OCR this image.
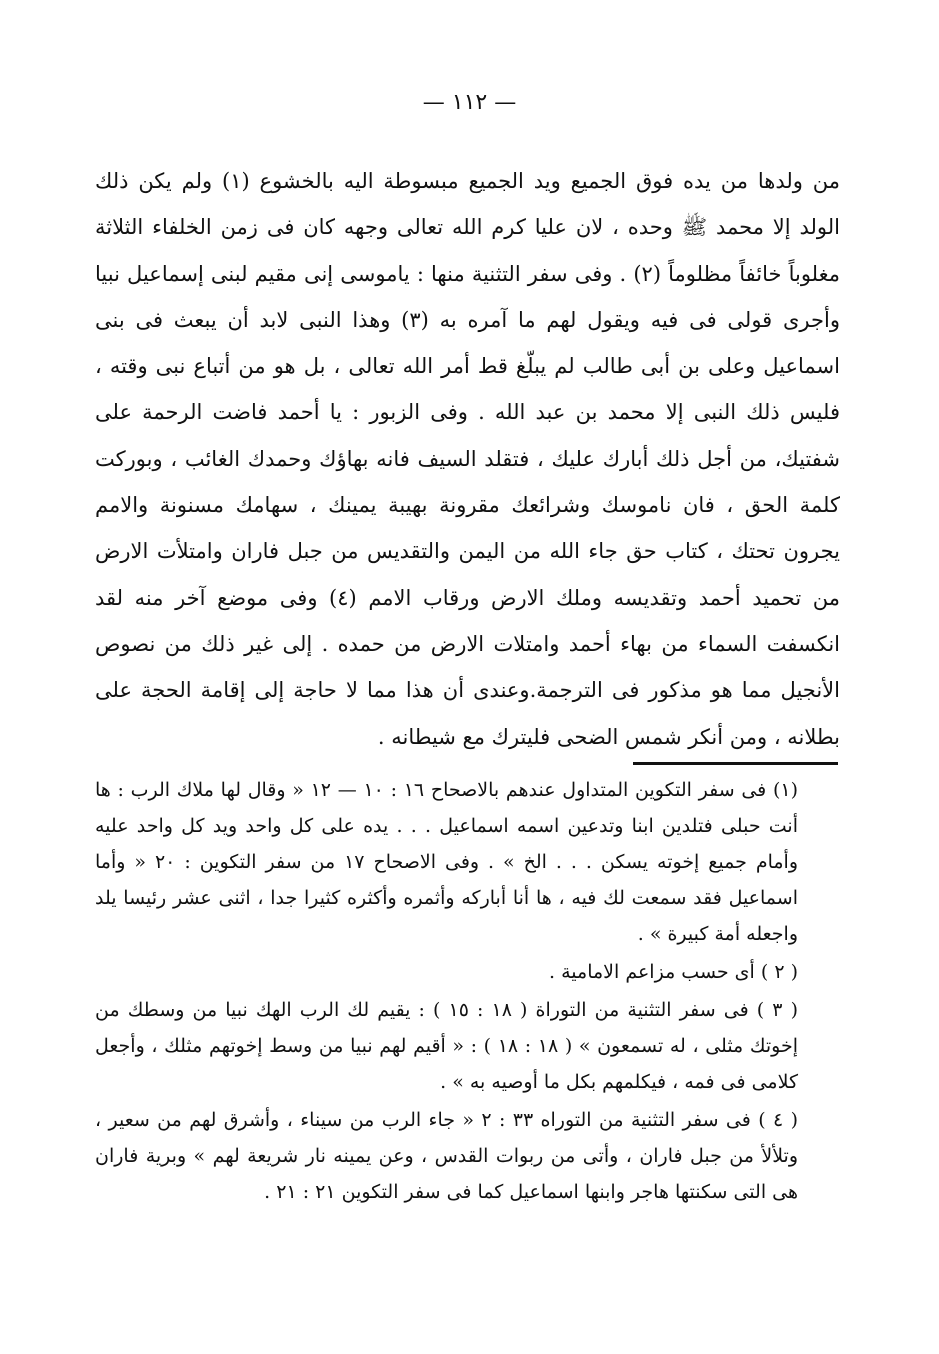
— ١١٢ —

من ولدها من يده فوق الجميع ويد الجميع مبسوطة اليه بالخشوع (١) ولم يكن ذلك الولد إلا محمد ﷺ وحده ، لان عليا كرم الله تعالى وجهه كان فى زمن الخلفاء الثلاثة مغلوباً خائفاً مظلوماً (٢) . وفى سفر التثنية منها : ياموسى إنى مقيم لبنى إسماعيل نبيا وأجرى قولى فى فيه ويقول لهم ما آمره به (٣) وهذا النبى لابد أن يبعث فى بنى اسماعيل وعلى بن أبى طالب لم يبلّغ قط أمر الله تعالى ، بل هو من أتباع نبى وقته ، فليس ذلك النبى إلا محمد بن عبد الله . وفى الزبور : يا أحمد فاضت الرحمة على شفتيك، من أجل ذلك أبارك عليك ، فتقلد السيف فانه بهاؤك وحمدك الغائب ، وبوركت كلمة الحق ، فان ناموسك وشرائعك مقرونة بهيبة يمينك ، سهامك مسنونة والامم يجرون تحتك ، كتاب حق جاء الله من اليمن والتقديس من جبل فاران وامتلأت الارض من تحميد أحمد وتقديسه وملك الارض ورقاب الامم (٤) وفى موضع آخر منه لقد انكسفت السماء من بهاء أحمد وامتلات الارض من حمده . إلى غير ذلك من نصوص الأنجيل مما هو مذكور فى الترجمة.وعندى أن هذا مما لا حاجة إلى إقامة الحجة على بطلانه ، ومن أنكر شمس الضحى فليترك مع شيطانه .

(١) فى سفر التكوين المتداول عندهم بالاصحاح ١٦ : ١٠ — ١٢ « وقال لها ملاك الرب : ها أنت حبلى فتلدين ابنا وتدعين اسمه اسماعيل . . . يده على كل واحد ويد كل واحد عليه وأمام جميع إخوته يسكن . . . الخ » . وفى الاصحاح ١٧ من سفر التكوين : ٢٠ « وأما اسماعيل فقد سمعت لك فيه ، ها أنا أباركه وأثمره وأكثره كثيرا جدا ، اثنى عشر رئيسا يلد واجعله أمة كبيرة » .

( ٢ ) أى حسب مزاعم الامامية .

( ٣ ) فى سفر التثنية من التوراة ( ١٨ : ١٥ ) : يقيم لك الرب الهك نبيا من وسطك من إخوتك مثلى ، له تسمعون » ( ١٨ : ١٨ ) : « أقيم لهم نبيا من وسط إخوتهم مثلك ، وأجعل كلامى فى فمه ، فيكلمهم بكل ما أوصيه به » .

( ٤ ) فى سفر التثنية من التوراه ٣٣ : ٢ « جاء الرب من سيناء ، وأشرق لهم من سعير ، وتلألأ من جبل فاران ، وأتى من ربوات القدس ، وعن يمينه نار شريعة لهم » وبرية فاران هى التى سكنتها هاجر وابنها اسماعيل كما فى سفر التكوين ٢١ : ٢١ .
